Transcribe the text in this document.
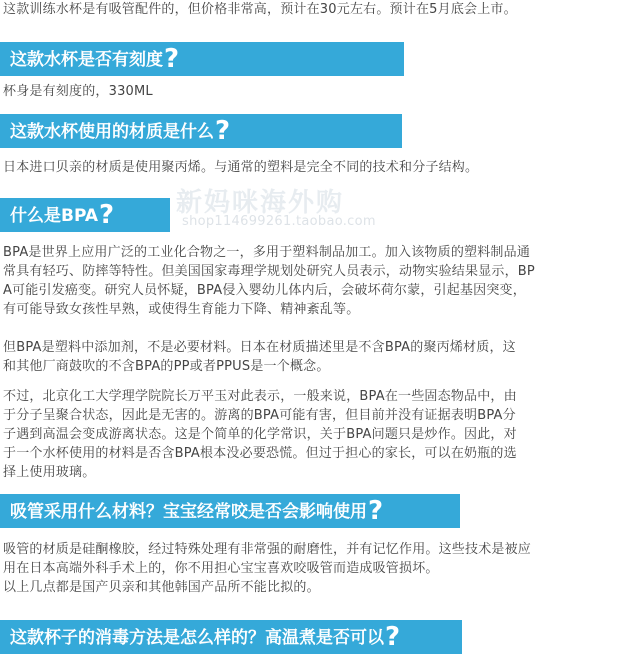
这款训练水杯是有吸管配件的，但价格非常高，预计在30元左右。预计在5月底会上市。

这款水杯是否有刻度?

杯身是有刻度的，330ML

这款水杯使用的材质是什么?

日本进口贝亲的材质是使用聚丙烯。与通常的塑料是完全不同的技术和分子结构。

什么是BPA?	新妈咪海外购
shop114699261.taobao.com

BPA是世界上应用广泛的工业化合物之一，多用于塑料制品加工。加入该物质的塑料制品通
常具有轻巧、防摔等特性。但美国国家毒理学规划处研究人员表示，动物实验结果显示，BP
A可能引发癌变。研究人员怀疑，BPA侵入婴幼儿体内后，会破坏荷尔蒙，引起基因突变，
有可能导致女孩性早熟，或使得生育能力下降、精神紊乱等。

但BPA是塑料中添加剂，不是必要材料。日本在材质描述里是不含BPA的聚丙烯材质，这
和其他厂商鼓吹的不含BPA的PP或者PPUS是一个概念。

不过，北京化工大学理学院院长万平玉对此表示，一般来说，BPA在一些固态物品中，由
于分子呈聚合状态，因此是无害的。游离的BPA可能有害，但目前并没有证据表明BPA分
子遇到高温会变成游离状态。这是个简单的化学常识，关于BPA问题只是炒作。因此，对
于一个水杯使用的材料是否含BPA根本没必要恐慌。但过于担心的家长，可以在奶瓶的选
择上使用玻璃。

吸管采用什么材料？宝宝经常咬是否会影响使用?

吸管的材质是硅酮橡胶，经过特殊处理有非常强的耐磨性，并有记忆作用。这些技术是被应
用在日本高端外科手术上的，你不用担心宝宝喜欢咬吸管而造成吸管损坏。
以上几点都是国产贝亲和其他韩国产品所不能比拟的。

这款杯子的消毒方法是怎么样的？高温煮是否可以?
